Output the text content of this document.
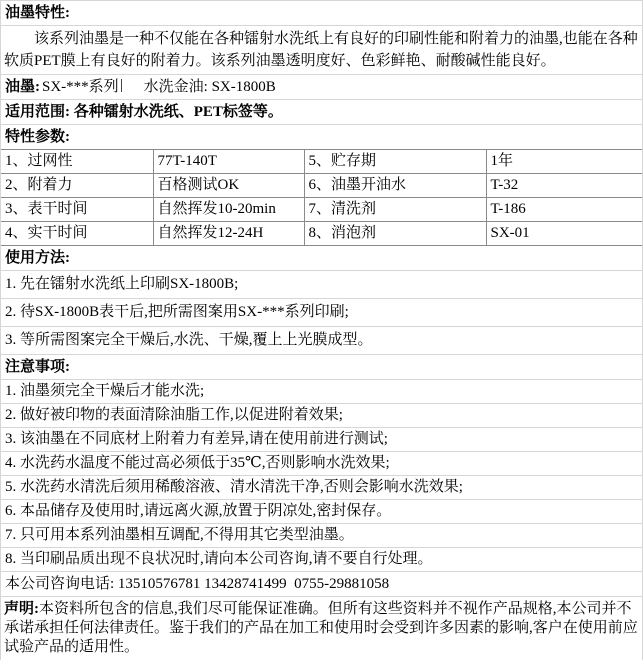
油墨特性:

该系列油墨是一种不仅能在各种镭射水洗纸上有良好的印刷性能和附着力的油墨,也能在各种软质PET膜上有良好的附着力。该系列油墨透明度好、色彩鲜艳、耐酸碱性能良好。

油墨: SX-***系列 水洗金油: SX-1800B
适用范围: 各种镭射水洗纸、PET标签等。
特性参数:
1、过网性	77T-140T	5、贮存期	1年
2、附着力	百格测试OK	6、油墨开油水	T-32
3、表干时间	自然挥发10-20min	7、清洗剂	T-186
4、实干时间	自然挥发12-24H	8、消泡剂	SX-01
使用方法:
1. 先在镭射水洗纸上印刷SX-1800B;
2. 待SX-1800B表干后,把所需图案用SX-***系列印刷;
3. 等所需图案完全干燥后,水洗、干燥,覆上上光膜成型。
注意事项:
1. 油墨须完全干燥后才能水洗;
2. 做好被印物的表面清除油脂工作,以促进附着效果;
3. 该油墨在不同底材上附着力有差异,请在使用前进行测试;
4. 水洗药水温度不能过高必须低于35℃,否则影响水洗效果;
5. 水洗药水清洗后须用稀酸溶液、清水清洗干净,否则会影响水洗效果;
6. 本品储存及使用时,请远离火源,放置于阴凉处,密封保存。
7. 只可用本系列油墨相互调配,不得用其它类型油墨。
8. 当印刷品质出现不良状况时,请向本公司咨询,请不要自行处理。
本公司咨询电话: 13510576781 13428741499  0755-29881058

声明:本资料所包含的信息,我们尽可能保证准确。但所有这些资料并不视作产品规格,本公司并不承诺承担任何法律责任。鉴于我们的产品在加工和使用时会受到许多因素的影响,客户在使用前应试验产品的适用性。
